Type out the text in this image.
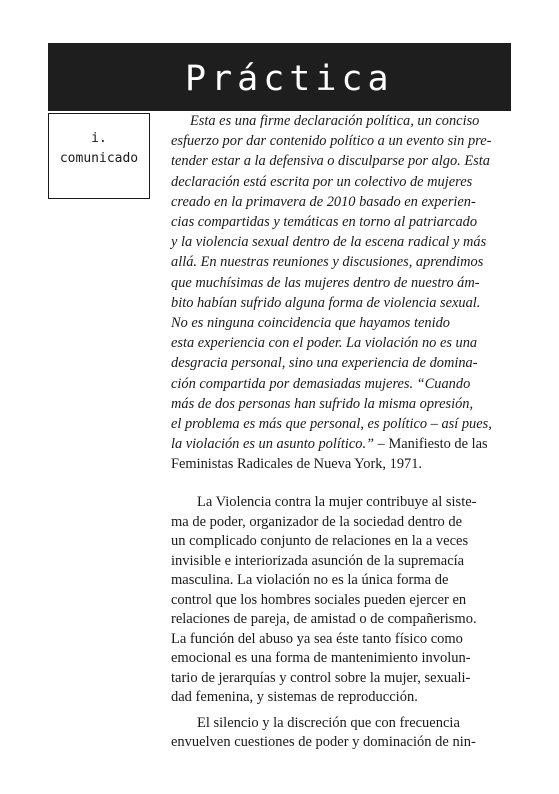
Práctica
i.
comunicado
Esta es una firme declaración política, un conciso
esfuerzo por dar contenido político a un evento sin pre-
tender estar a la defensiva o disculparse por algo. Esta
declaración está escrita por un colectivo de mujeres
creado en la primavera de 2010 basado en experien-
cias compartidas y temáticas en torno al patriarcado
y la violencia sexual dentro de la escena radical y más
allá. En nuestras reuniones y discusiones, aprendimos
que muchísimas de las mujeres dentro de nuestro ám-
bito habían sufrido alguna forma de violencia sexual.
No es ninguna coincidencia que hayamos tenido
esta experiencia con el poder. La violación no es una
desgracia personal, sino una experiencia de domina-
ción compartida por demasiadas mujeres. “Cuando
más de dos personas han sufrido la misma opresión,
el problema es más que personal, es político – así pues,
la violación es un asunto político.” – Manifiesto de las
Feministas Radicales de Nueva York, 1971.
La Violencia contra la mujer contribuye al siste-
ma de poder, organizador de la sociedad dentro de
un complicado conjunto de relaciones en la a veces
invisible e interiorizada asunción de la supremacía
masculina. La violación no es la única forma de
control que los hombres sociales pueden ejercer en
relaciones de pareja, de amistad o de compañerismo.
La función del abuso ya sea éste tanto físico como
emocional es una forma de mantenimiento involun-
tario de jerarquías y control sobre la mujer, sexuali-
dad femenina, y sistemas de reproducción.
El silencio y la discreción que con frecuencia
envuelven cuestiones de poder y dominación de nin-
